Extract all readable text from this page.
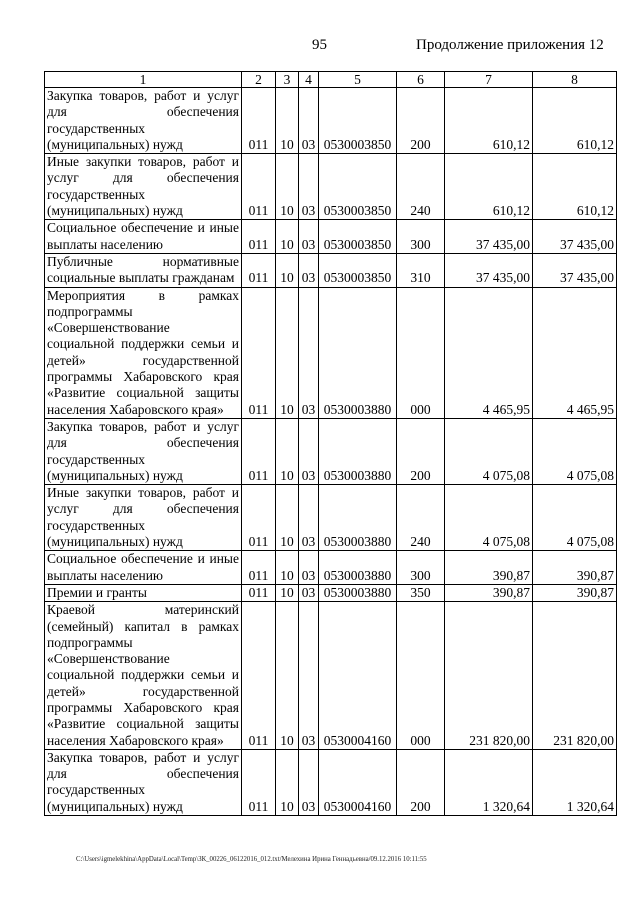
95	Продолжение приложения 12
1	2	3	4	5	6	7	8
Закупка товаров, работ и услуг для обеспечения государственных (муниципальных) нужд	011	10	03	0530003850	200	610,12	610,12
Иные закупки товаров, работ и услуг для обеспечения государственных (муниципальных) нужд	011	10	03	0530003850	240	610,12	610,12
Социальное обеспечение и иные выплаты населению	011	10	03	0530003850	300	37 435,00	37 435,00
Публичные нормативные социальные выплаты гражданам	011	10	03	0530003850	310	37 435,00	37 435,00
Мероприятия в рамках подпрограммы «Совершенствование социальной поддержки семьи и детей» государственной программы Хабаровского края «Развитие социальной защиты населения Хабаровского края»	011	10	03	0530003880	000	4 465,95	4 465,95
Закупка товаров, работ и услуг для обеспечения государственных (муниципальных) нужд	011	10	03	0530003880	200	4 075,08	4 075,08
Иные закупки товаров, работ и услуг для обеспечения государственных (муниципальных) нужд	011	10	03	0530003880	240	4 075,08	4 075,08
Социальное обеспечение и иные выплаты населению	011	10	03	0530003880	300	390,87	390,87
Премии и гранты	011	10	03	0530003880	350	390,87	390,87
Краевой материнский (семейный) капитал в рамках подпрограммы «Совершенствование социальной поддержки семьи и детей» государственной программы Хабаровского края «Развитие социальной защиты населения Хабаровского края»	011	10	03	0530004160	000	231 820,00	231 820,00
Закупка товаров, работ и услуг для обеспечения государственных (муниципальных) нужд	011	10	03	0530004160	200	1 320,64	1 320,64
C:\Users\igmelekhina\AppData\Local\Temp\ЗК_00226_06122016_012.txt/Мелехина Ирина Геннадьевна/09.12.2016 10:11:55
